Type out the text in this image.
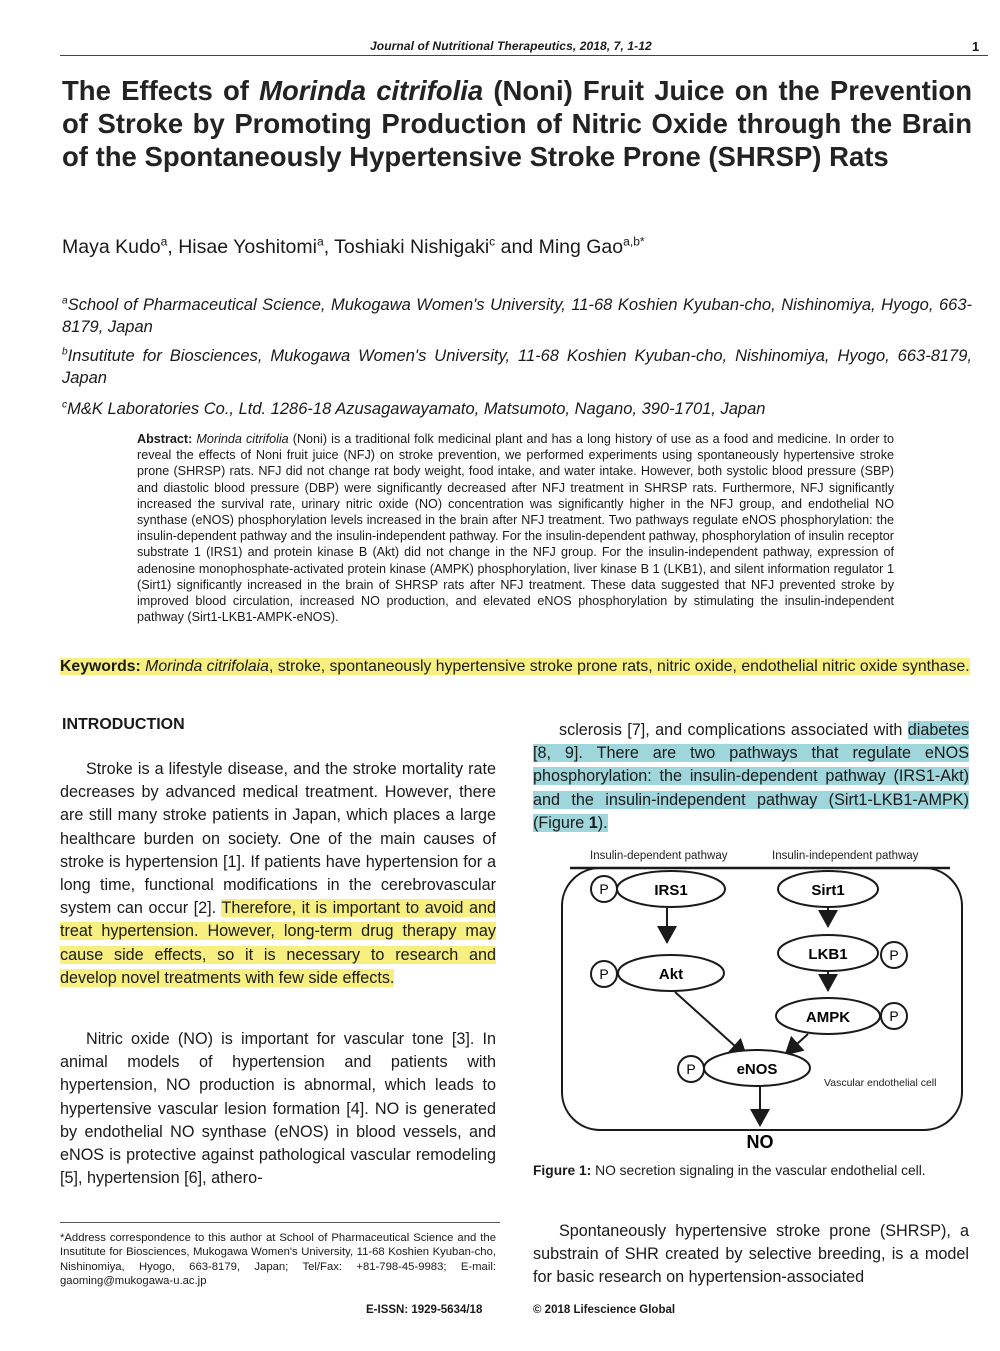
Journal of Nutritional Therapeutics, 2018, 7, 1-12	1
The Effects of Morinda citrifolia (Noni) Fruit Juice on the Prevention of Stroke by Promoting Production of Nitric Oxide through the Brain of the Spontaneously Hypertensive Stroke Prone (SHRSP) Rats
Maya Kudo$^a$, Hisae Yoshitomi$^a$, Toshiaki Nishigaki$^c$ and Ming Gao$^{a,b*}$
$^a$School of Pharmaceutical Science, Mukogawa Women's University, 11-68 Koshien Kyuban-cho, Nishinomiya, Hyogo, 663-8179, Japan
$^b$Insutitute for Biosciences, Mukogawa Women's University, 11-68 Koshien Kyuban-cho, Nishinomiya, Hyogo, 663-8179, Japan
$^c$M&K Laboratories Co., Ltd. 1286-18 Azusagawayamato, Matsumoto, Nagano, 390-1701, Japan
Abstract: Morinda citrifolia (Noni) is a traditional folk medicinal plant and has a long history of use as a food and medicine. In order to reveal the effects of Noni fruit juice (NFJ) on stroke prevention, we performed experiments using spontaneously hypertensive stroke prone (SHRSP) rats. NFJ did not change rat body weight, food intake, and water intake. However, both systolic blood pressure (SBP) and diastolic blood pressure (DBP) were significantly decreased after NFJ treatment in SHRSP rats. Furthermore, NFJ significantly increased the survival rate, urinary nitric oxide (NO) concentration was significantly higher in the NFJ group, and endothelial NO synthase (eNOS) phosphorylation levels increased in the brain after NFJ treatment. Two pathways regulate eNOS phosphorylation: the insulin-dependent pathway and the insulin-independent pathway. For the insulin-dependent pathway, phosphorylation of insulin receptor substrate 1 (IRS1) and protein kinase B (Akt) did not change in the NFJ group. For the insulin-independent pathway, expression of adenosine monophosphate-activated protein kinase (AMPK) phosphorylation, liver kinase B 1 (LKB1), and silent information regulator 1 (Sirt1) significantly increased in the brain of SHRSP rats after NFJ treatment. These data suggested that NFJ prevented stroke by improved blood circulation, increased NO production, and elevated eNOS phosphorylation by stimulating the insulin-independent pathway (Sirt1-LKB1-AMPK-eNOS).
Keywords: Morinda citrifolaia, stroke, spontaneously hypertensive stroke prone rats, nitric oxide, endothelial nitric oxide synthase.
INTRODUCTION
Stroke is a lifestyle disease, and the stroke mortality rate decreases by advanced medical treatment. However, there are still many stroke patients in Japan, which places a large healthcare burden on society. One of the main causes of stroke is hypertension [1]. If patients have hypertension for a long time, functional modifications in the cerebrovascular system can occur [2]. Therefore, it is important to avoid and treat hypertension. However, long-term drug therapy may cause side effects, so it is necessary to research and develop novel treatments with few side effects.
Nitric oxide (NO) is important for vascular tone [3]. In animal models of hypertension and patients with hypertension, NO production is abnormal, which leads to hypertensive vascular lesion formation [4]. NO is generated by endothelial NO synthase (eNOS) in blood vessels, and eNOS is protective against pathological vascular remodeling [5], hypertension [6], athero-
sclerosis [7], and complications associated with diabetes [8, 9]. There are two pathways that regulate eNOS phosphorylation: the insulin-dependent pathway (IRS1-Akt) and the insulin-independent pathway (Sirt1-LKB1-AMPK) (Figure 1).
Insulin-dependent pathway	Insulin-independent pathway
P	IRS1
P	Akt
Sirt1
LKB1	P
AMPK	P
P	eNOS
Vascular endothelial cell
NO
Figure 1: NO secretion signaling in the vascular endothelial cell.
Spontaneously hypertensive stroke prone (SHRSP), a substrain of SHR created by selective breeding, is a model for basic research on hypertension-associated
*Address correspondence to this author at School of Pharmaceutical Science and the Insutitute for Biosciences, Mukogawa Women's University, 11-68 Koshien Kyuban-cho, Nishinomiya, Hyogo, 663-8179, Japan; Tel/Fax: +81-798-45-9983; E-mail: gaoming@mukogawa-u.ac.jp
E-ISSN: 1929-5634/18	© 2018 Lifescience Global
